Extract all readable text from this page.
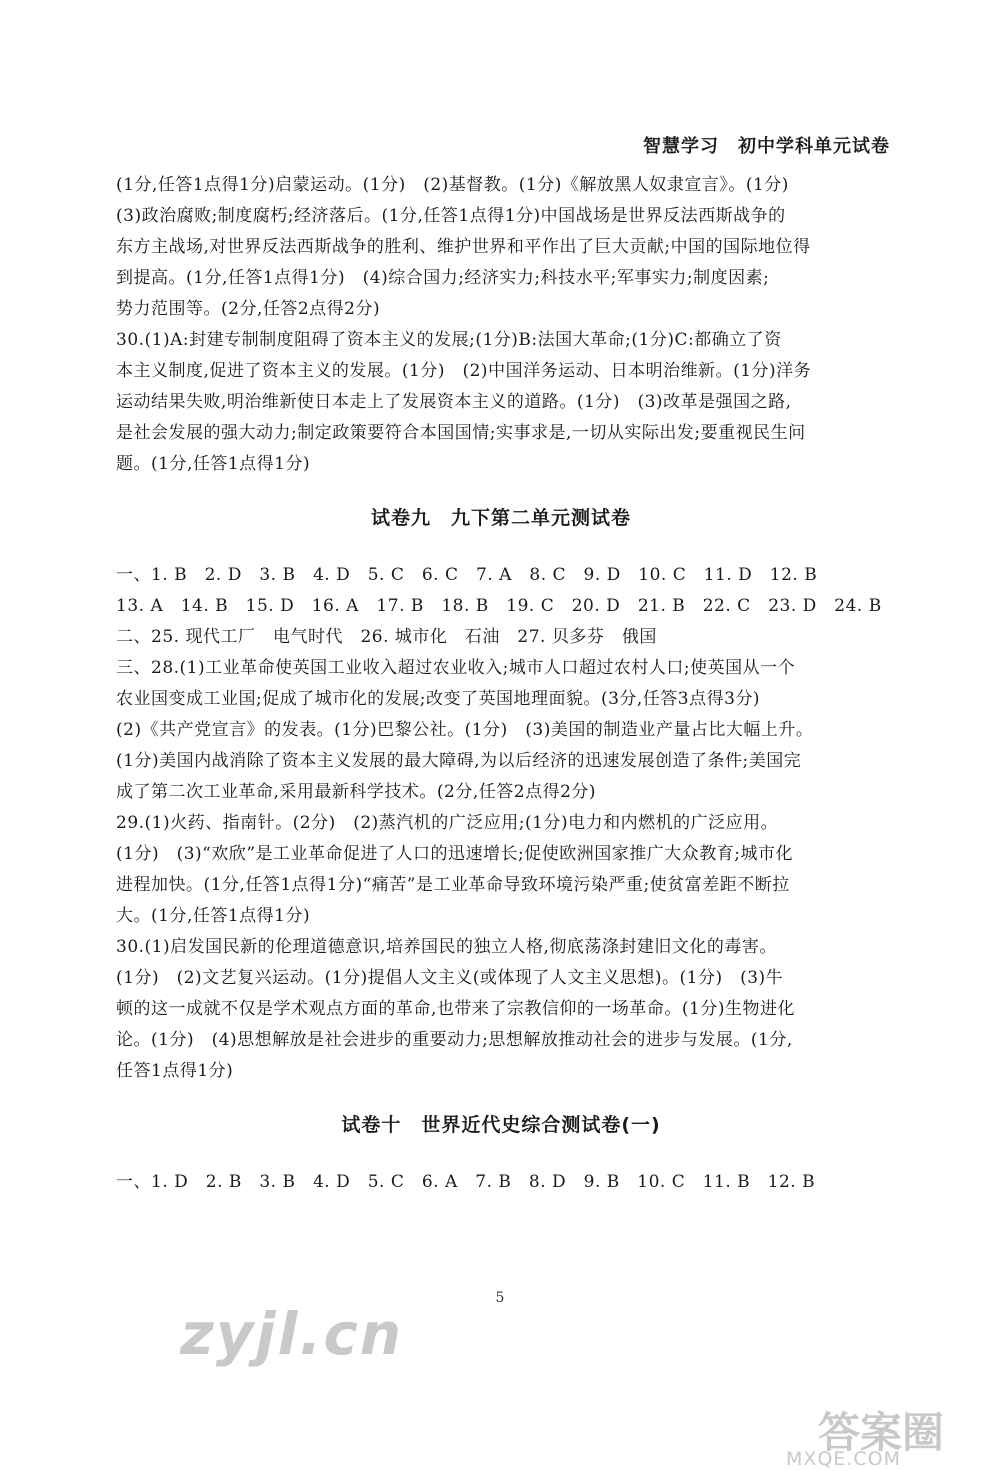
智慧学习　初中学科单元试卷
(1分,任答1点得1分)启蒙运动。(1分)　(2)基督教。(1分)《解放黑人奴隶宣言》。(1分)
(3)政治腐败;制度腐朽;经济落后。(1分,任答1点得1分)中国战场是世界反法西斯战争的
东方主战场,对世界反法西斯战争的胜利、维护世界和平作出了巨大贡献;中国的国际地位得
到提高。(1分,任答1点得1分)　(4)综合国力;经济实力;科技水平;军事实力;制度因素;
势力范围等。(2分,任答2点得2分)
30.(1)A:封建专制制度阻碍了资本主义的发展;(1分)B:法国大革命;(1分)C:都确立了资
本主义制度,促进了资本主义的发展。(1分)　(2)中国洋务运动、日本明治维新。(1分)洋务
运动结果失败,明治维新使日本走上了发展资本主义的道路。(1分)　(3)改革是强国之路,
是社会发展的强大动力;制定政策要符合本国国情;实事求是,一切从实际出发;要重视民生问
题。(1分,任答1点得1分)
试卷九　九下第二单元测试卷
一、1. B　2. D　3. B　4. D　5. C　6. C　7. A　8. C　9. D　10. C　11. D　12. B
13. A　14. B　15. D　16. A　17. B　18. B　19. C　20. D　21. B　22. C　23. D　24. B
二、25. 现代工厂　电气时代　26. 城市化　石油　27. 贝多芬　俄国
三、28.(1)工业革命使英国工业收入超过农业收入;城市人口超过农村人口;使英国从一个
农业国变成工业国;促成了城市化的发展;改变了英国地理面貌。(3分,任答3点得3分)
(2)《共产党宣言》的发表。(1分)巴黎公社。(1分)　(3)美国的制造业产量占比大幅上升。
(1分)美国内战消除了资本主义发展的最大障碍,为以后经济的迅速发展创造了条件;美国完
成了第二次工业革命,采用最新科学技术。(2分,任答2点得2分)
29.(1)火药、指南针。(2分)　(2)蒸汽机的广泛应用;(1分)电力和内燃机的广泛应用。
(1分)　(3)“欢欣”是工业革命促进了人口的迅速增长;促使欧洲国家推广大众教育;城市化
进程加快。(1分,任答1点得1分)“痛苦”是工业革命导致环境污染严重;使贫富差距不断拉
大。(1分,任答1点得1分)
30.(1)启发国民新的伦理道德意识,培养国民的独立人格,彻底荡涤封建旧文化的毒害。
(1分)　(2)文艺复兴运动。(1分)提倡人文主义(或体现了人文主义思想)。(1分)　(3)牛
顿的这一成就不仅是学术观点方面的革命,也带来了宗教信仰的一场革命。(1分)生物进化
论。(1分)　(4)思想解放是社会进步的重要动力;思想解放推动社会的进步与发展。(1分,
任答1点得1分)
试卷十　世界近代史综合测试卷(一)
一、1. D　2. B　3. B　4. D　5. C　6. A　7. B　8. D　9. B　10. C　11. B　12. B
5
zyjl.cn
答案圈
MXQE.COM
